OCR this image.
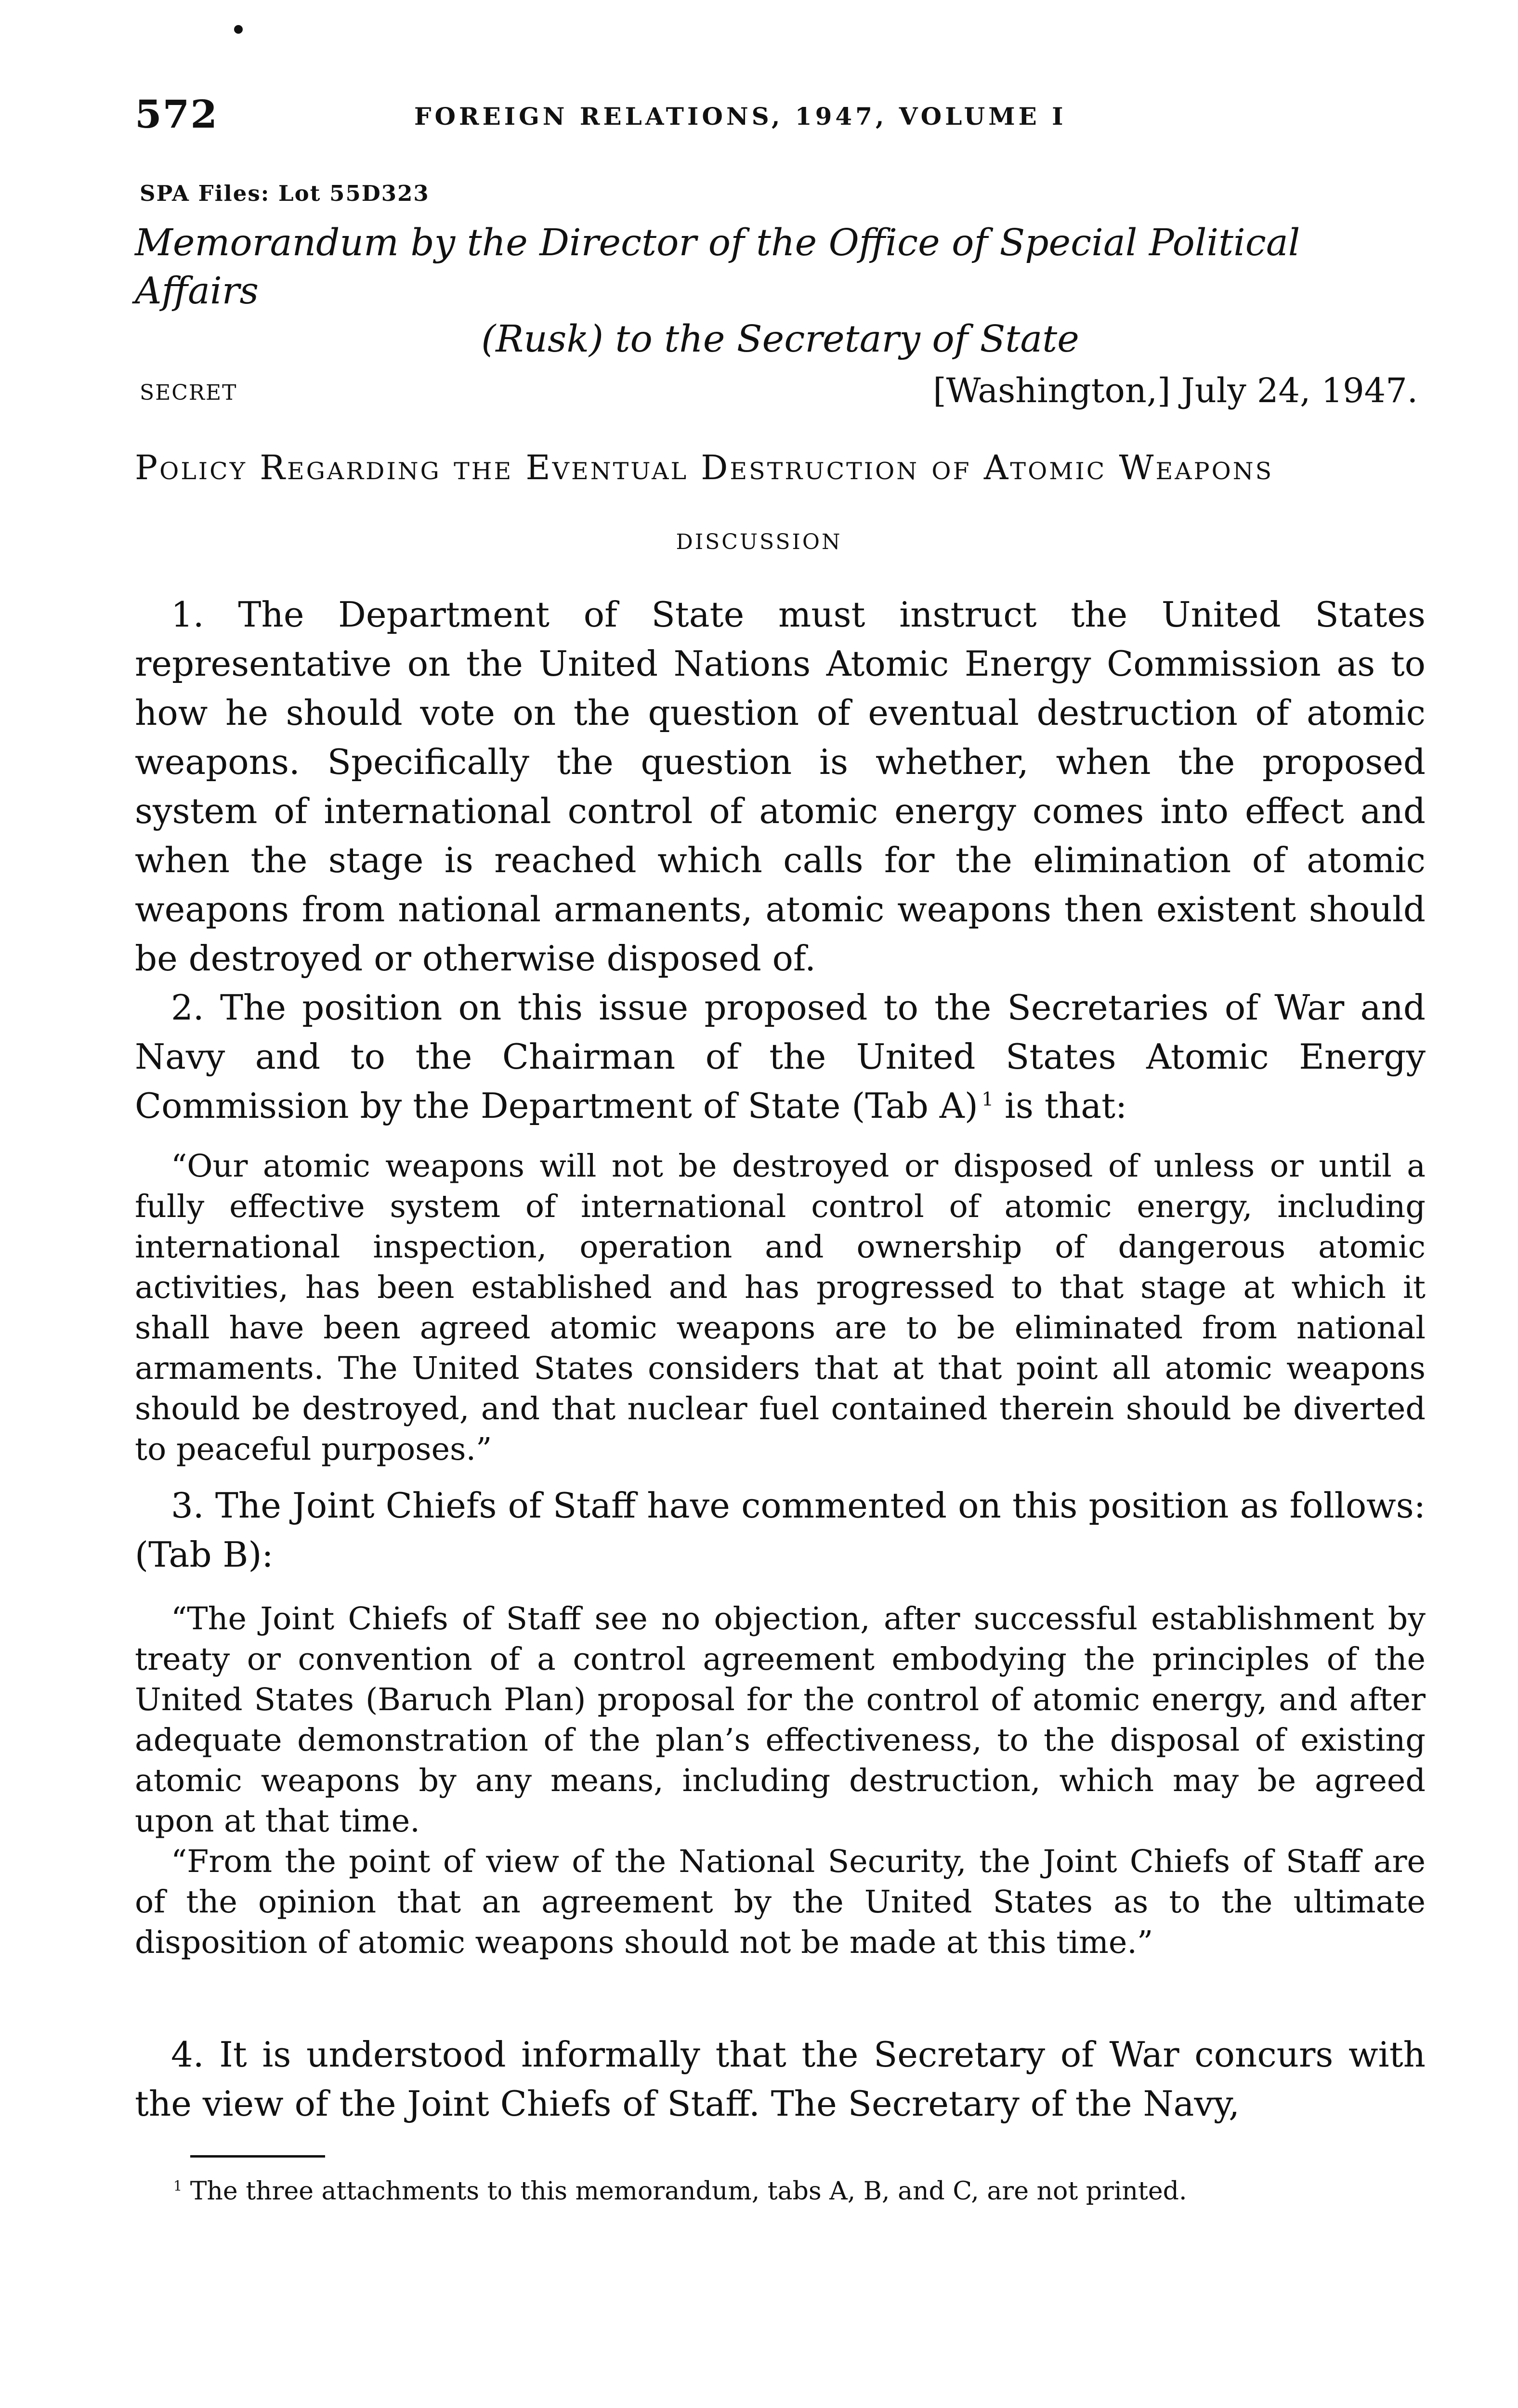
572	FOREIGN RELATIONS, 1947, VOLUME I
SPA Files: Lot 55D323
Memorandum by the Director of the Office of Special Political Affairs
(Rusk) to the Secretary of State
SECRET	[Washington,] July 24, 1947.
Policy Regarding the Eventual Destruction of Atomic Weapons
DISCUSSION

1. The Department of State must instruct the United States representative on the United Nations Atomic Energy Commission as to how he should vote on the question of eventual destruction of atomic weapons. Specifically the question is whether, when the proposed system of international control of atomic energy comes into effect and when the stage is reached which calls for the elimination of atomic weapons from national armanents, atomic weapons then existent should be destroyed or otherwise disposed of.

2. The position on this issue proposed to the Secretaries of War and Navy and to the Chairman of the United States Atomic Energy Commission by the Department of State (Tab A)  $^1$ is that:

“Our atomic weapons will not be destroyed or disposed of unless or until a fully effective system of international control of atomic energy, including international inspection, operation and ownership of dangerous atomic activities, has been established and has progressed to that stage at which it shall have been agreed atomic weapons are to be eliminated from national armaments. The United States considers that at that point all atomic weapons should be destroyed, and that nuclear fuel contained therein should be diverted to peaceful purposes.”

3. The Joint Chiefs of Staff have commented on this position as follows: (Tab B):

“The Joint Chiefs of Staff see no objection, after successful establishment by treaty or convention of a control agreement embodying the principles of the United States (Baruch Plan) proposal for the control of atomic energy, and after adequate demonstration of the plan’s effectiveness, to the disposal of existing atomic weapons by any means, including destruction, which may be agreed upon at that time.

“From the point of view of the National Security, the Joint Chiefs of Staff are of the opinion that an agreement by the United States as to the ultimate disposition of atomic weapons should not be made at this time.”

4. It is understood informally that the Secretary of War concurs with the view of the Joint Chiefs of Staff. The Secretary of the Navy,

$^1$ The three attachments to this memorandum, tabs A, B, and C, are not printed.
